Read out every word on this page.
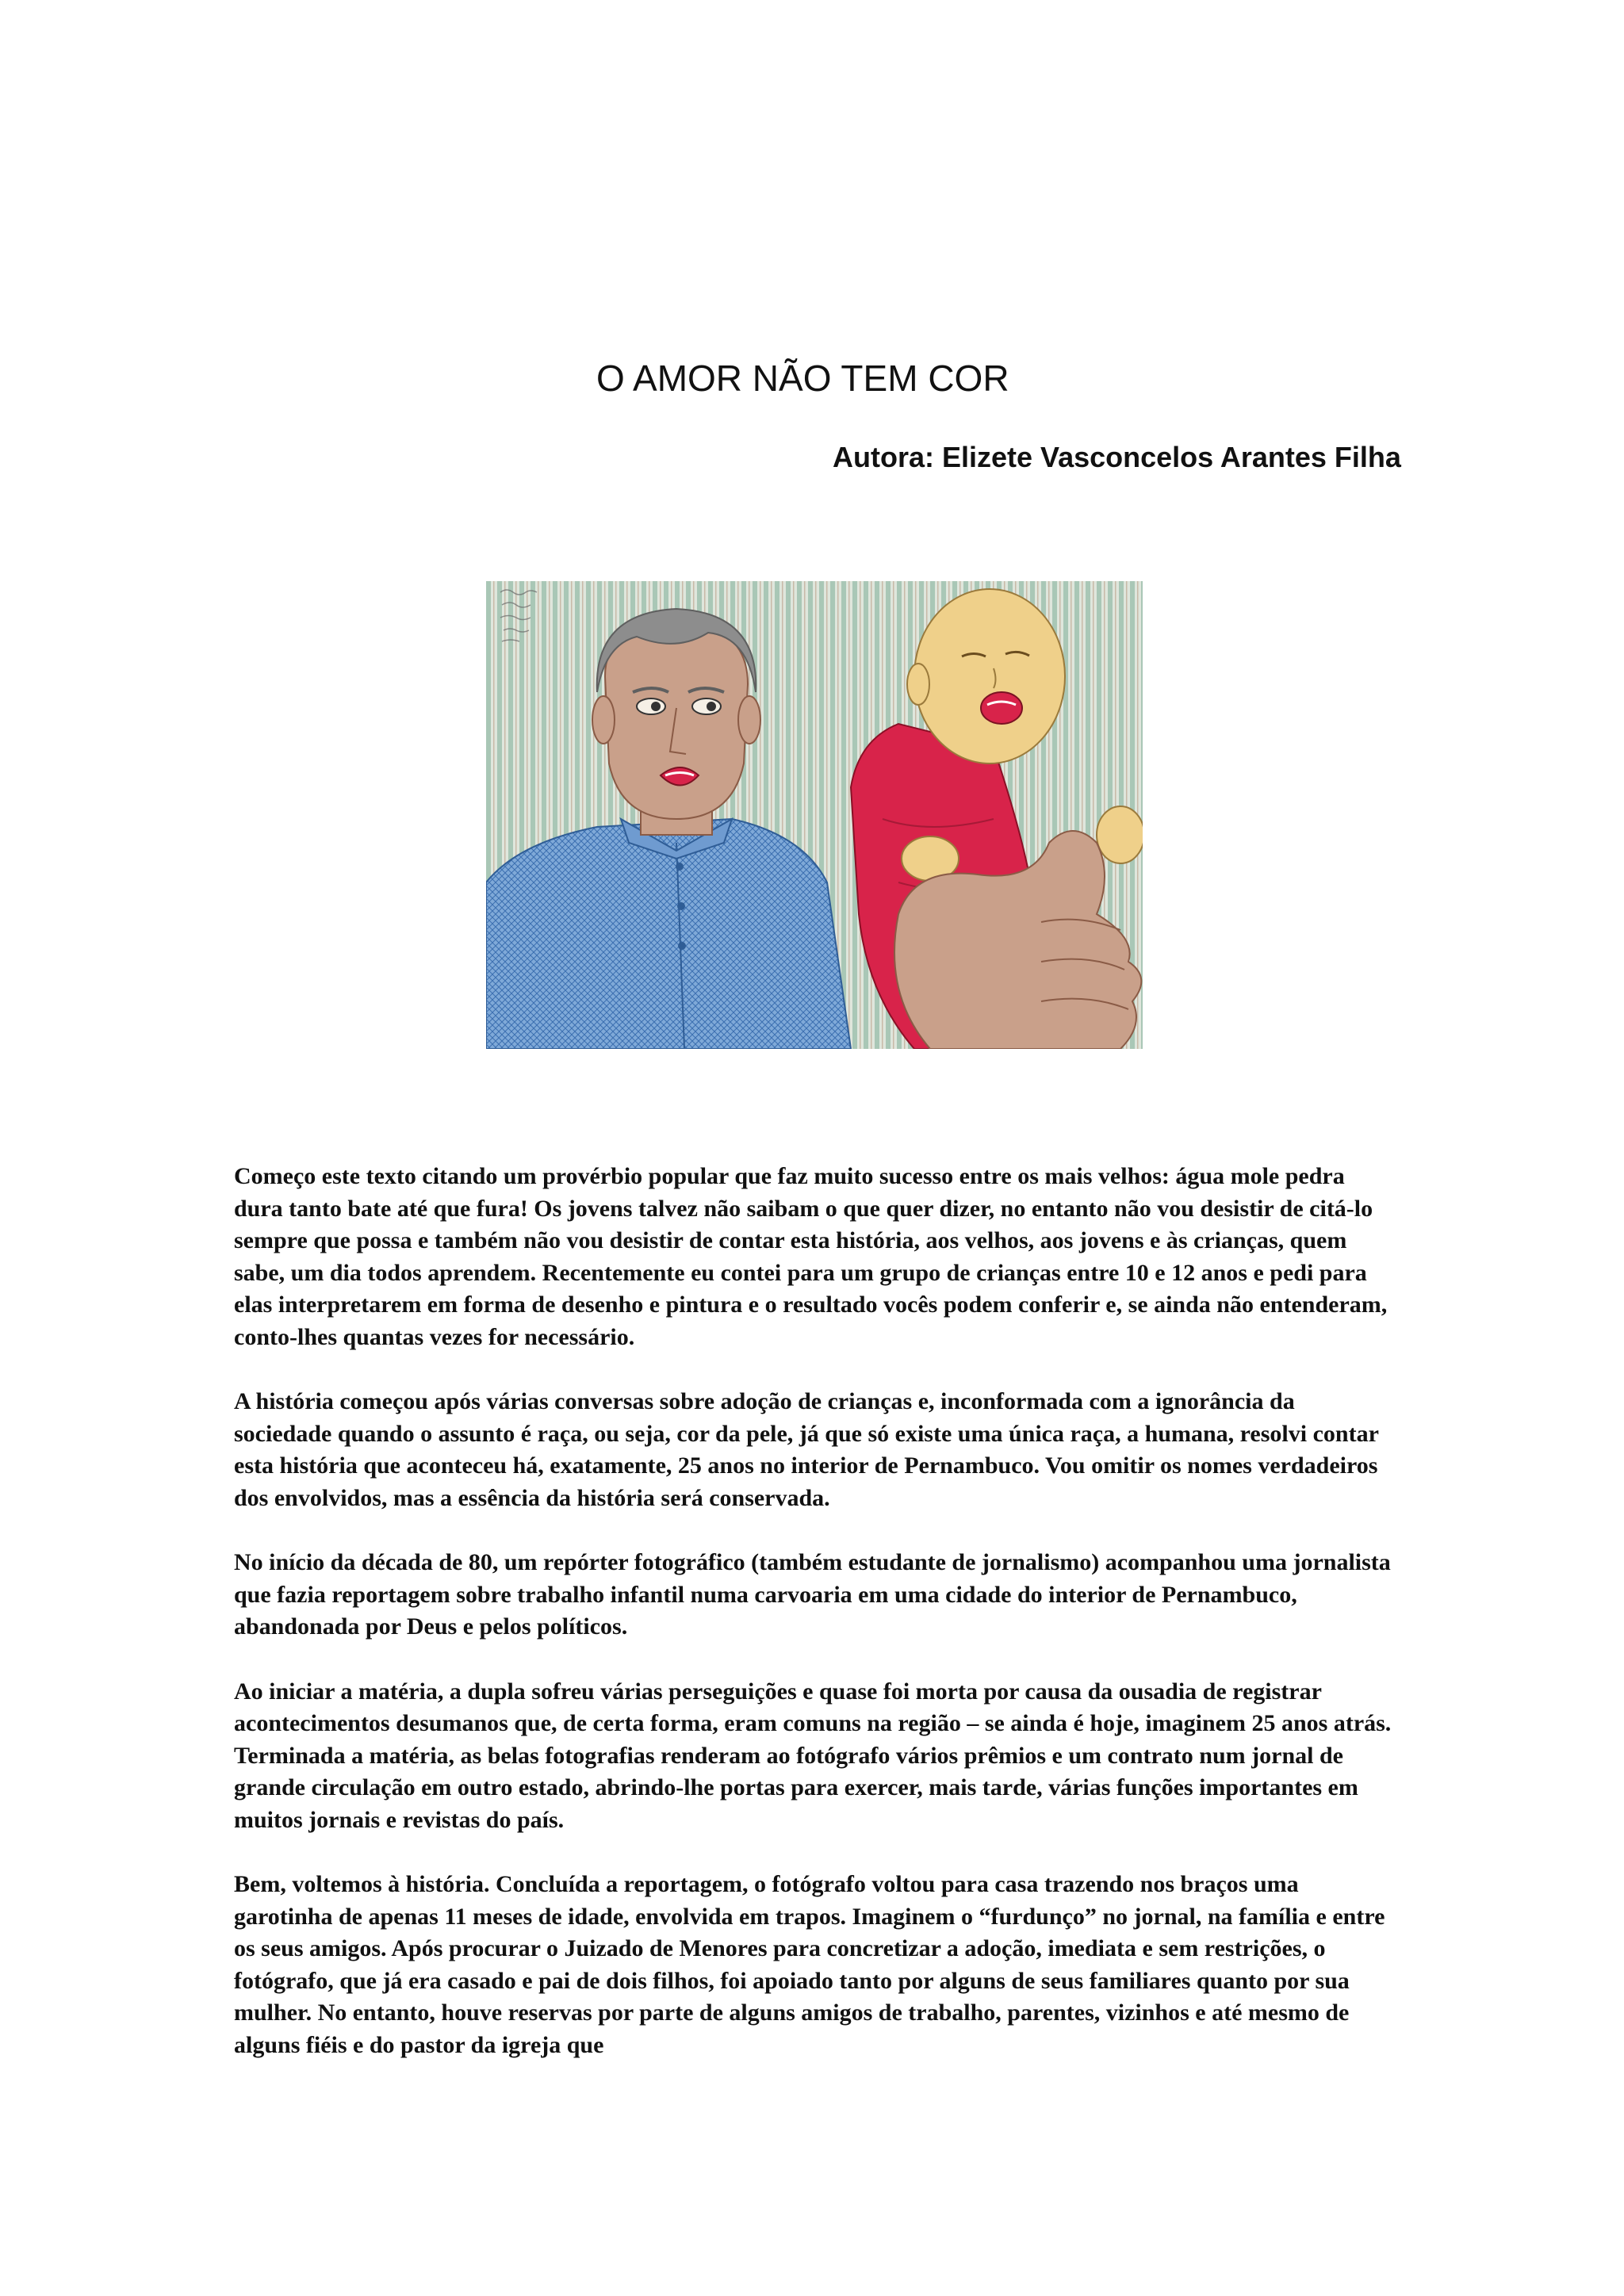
O AMOR NÃO TEM COR
Autora: Elizete Vasconcelos Arantes Filha

Começo este texto citando um provérbio popular que faz muito sucesso entre os mais velhos: água mole pedra dura tanto bate até que fura! Os jovens talvez não saibam o que quer dizer, no entanto não vou desistir de citá-lo sempre que possa e também não vou desistir de contar esta história, aos velhos, aos jovens e às crianças, quem sabe, um dia todos aprendem. Recentemente eu contei para um grupo de crianças entre 10 e 12 anos e pedi para elas interpretarem em forma de desenho e pintura e o resultado vocês podem conferir e, se ainda não entenderam, conto-lhes quantas vezes for necessário.

A história começou após várias conversas sobre adoção de crianças e, inconformada com a ignorância da sociedade quando o assunto é raça, ou seja, cor da pele, já que só existe uma única raça, a humana, resolvi contar esta história que aconteceu há, exatamente, 25 anos no interior de Pernambuco. Vou omitir os nomes verdadeiros dos envolvidos, mas a essência da história será conservada.

No início da década de 80, um repórter fotográfico (também estudante de jornalismo) acompanhou uma jornalista que fazia reportagem sobre trabalho infantil numa carvoaria em uma cidade do interior de Pernambuco, abandonada por Deus e pelos políticos.

Ao iniciar a matéria, a dupla sofreu várias perseguições e quase foi morta por causa da ousadia de registrar acontecimentos desumanos que, de certa forma, eram comuns na região – se ainda é hoje, imaginem 25 anos atrás. Terminada a matéria, as belas fotografias renderam ao fotógrafo vários prêmios e um contrato num jornal de grande circulação em outro estado, abrindo-lhe portas para exercer, mais tarde, várias funções importantes em muitos jornais e revistas do país.

Bem, voltemos à história. Concluída a reportagem, o fotógrafo voltou para casa trazendo nos braços uma garotinha de apenas 11 meses de idade, envolvida em trapos. Imaginem o “furdunço” no jornal, na família e entre os seus amigos. Após procurar o Juizado de Menores para concretizar a adoção, imediata e sem restrições, o fotógrafo, que já era casado e pai de dois filhos, foi apoiado tanto por alguns de seus familiares quanto por sua mulher. No entanto, houve reservas por parte de alguns amigos de trabalho, parentes, vizinhos e até mesmo de alguns fiéis e do pastor da igreja que
